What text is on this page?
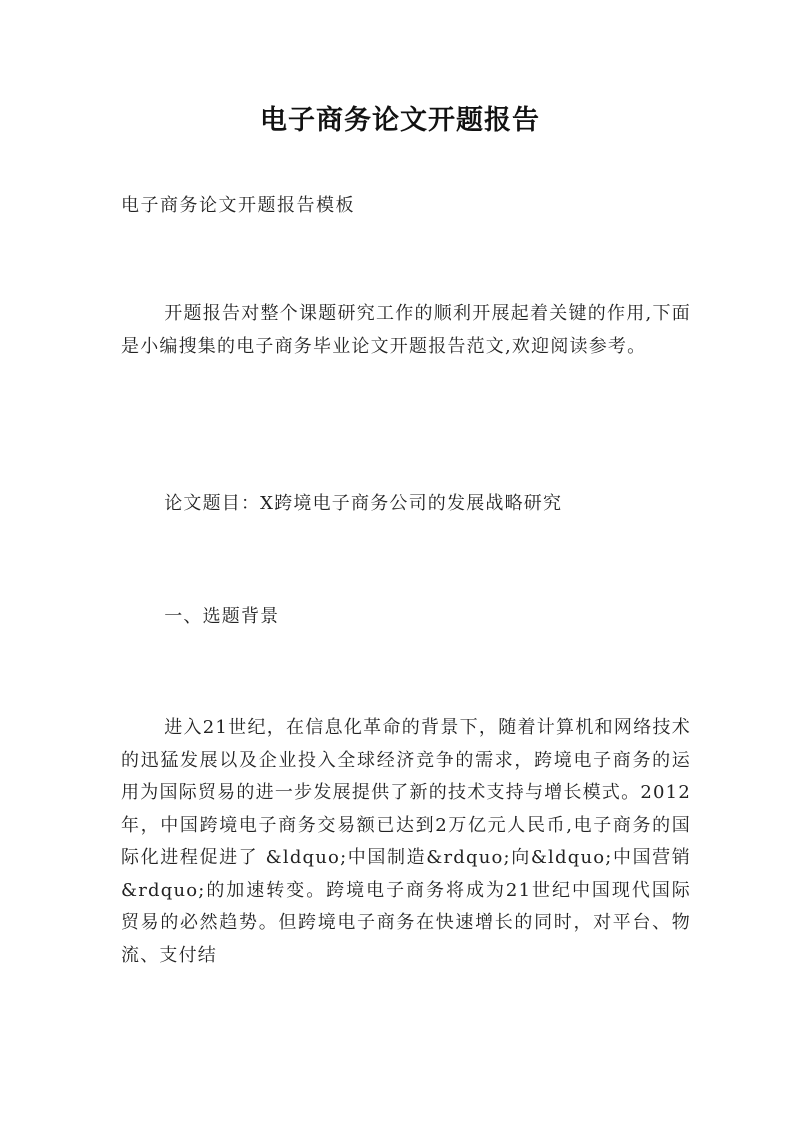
电子商务论文开题报告

电子商务论文开题报告模板

开题报告对整个课题研究工作的顺利开展起着关键的作用,下面是小编搜集的电子商务毕业论文开题报告范文,欢迎阅读参考。

论文题目：X跨境电子商务公司的发展战略研究

一、选题背景

进入21世纪，在信息化革命的背景下，随着计算机和网络技术的迅猛发展以及企业投入全球经济竞争的需求，跨境电子商务的运用为国际贸易的进一步发展提供了新的技术支持与增长模式。2012年，中国跨境电子商务交易额已达到2万亿元人民币,电子商务的国际化进程促进了 &ldquo;中国制造&rdquo;向&ldquo;中国营销&rdquo;的加速转变。跨境电子商务将成为21世纪中国现代国际贸易的必然趋势。但跨境电子商务在快速增长的同时，对平台、物流、支付结
